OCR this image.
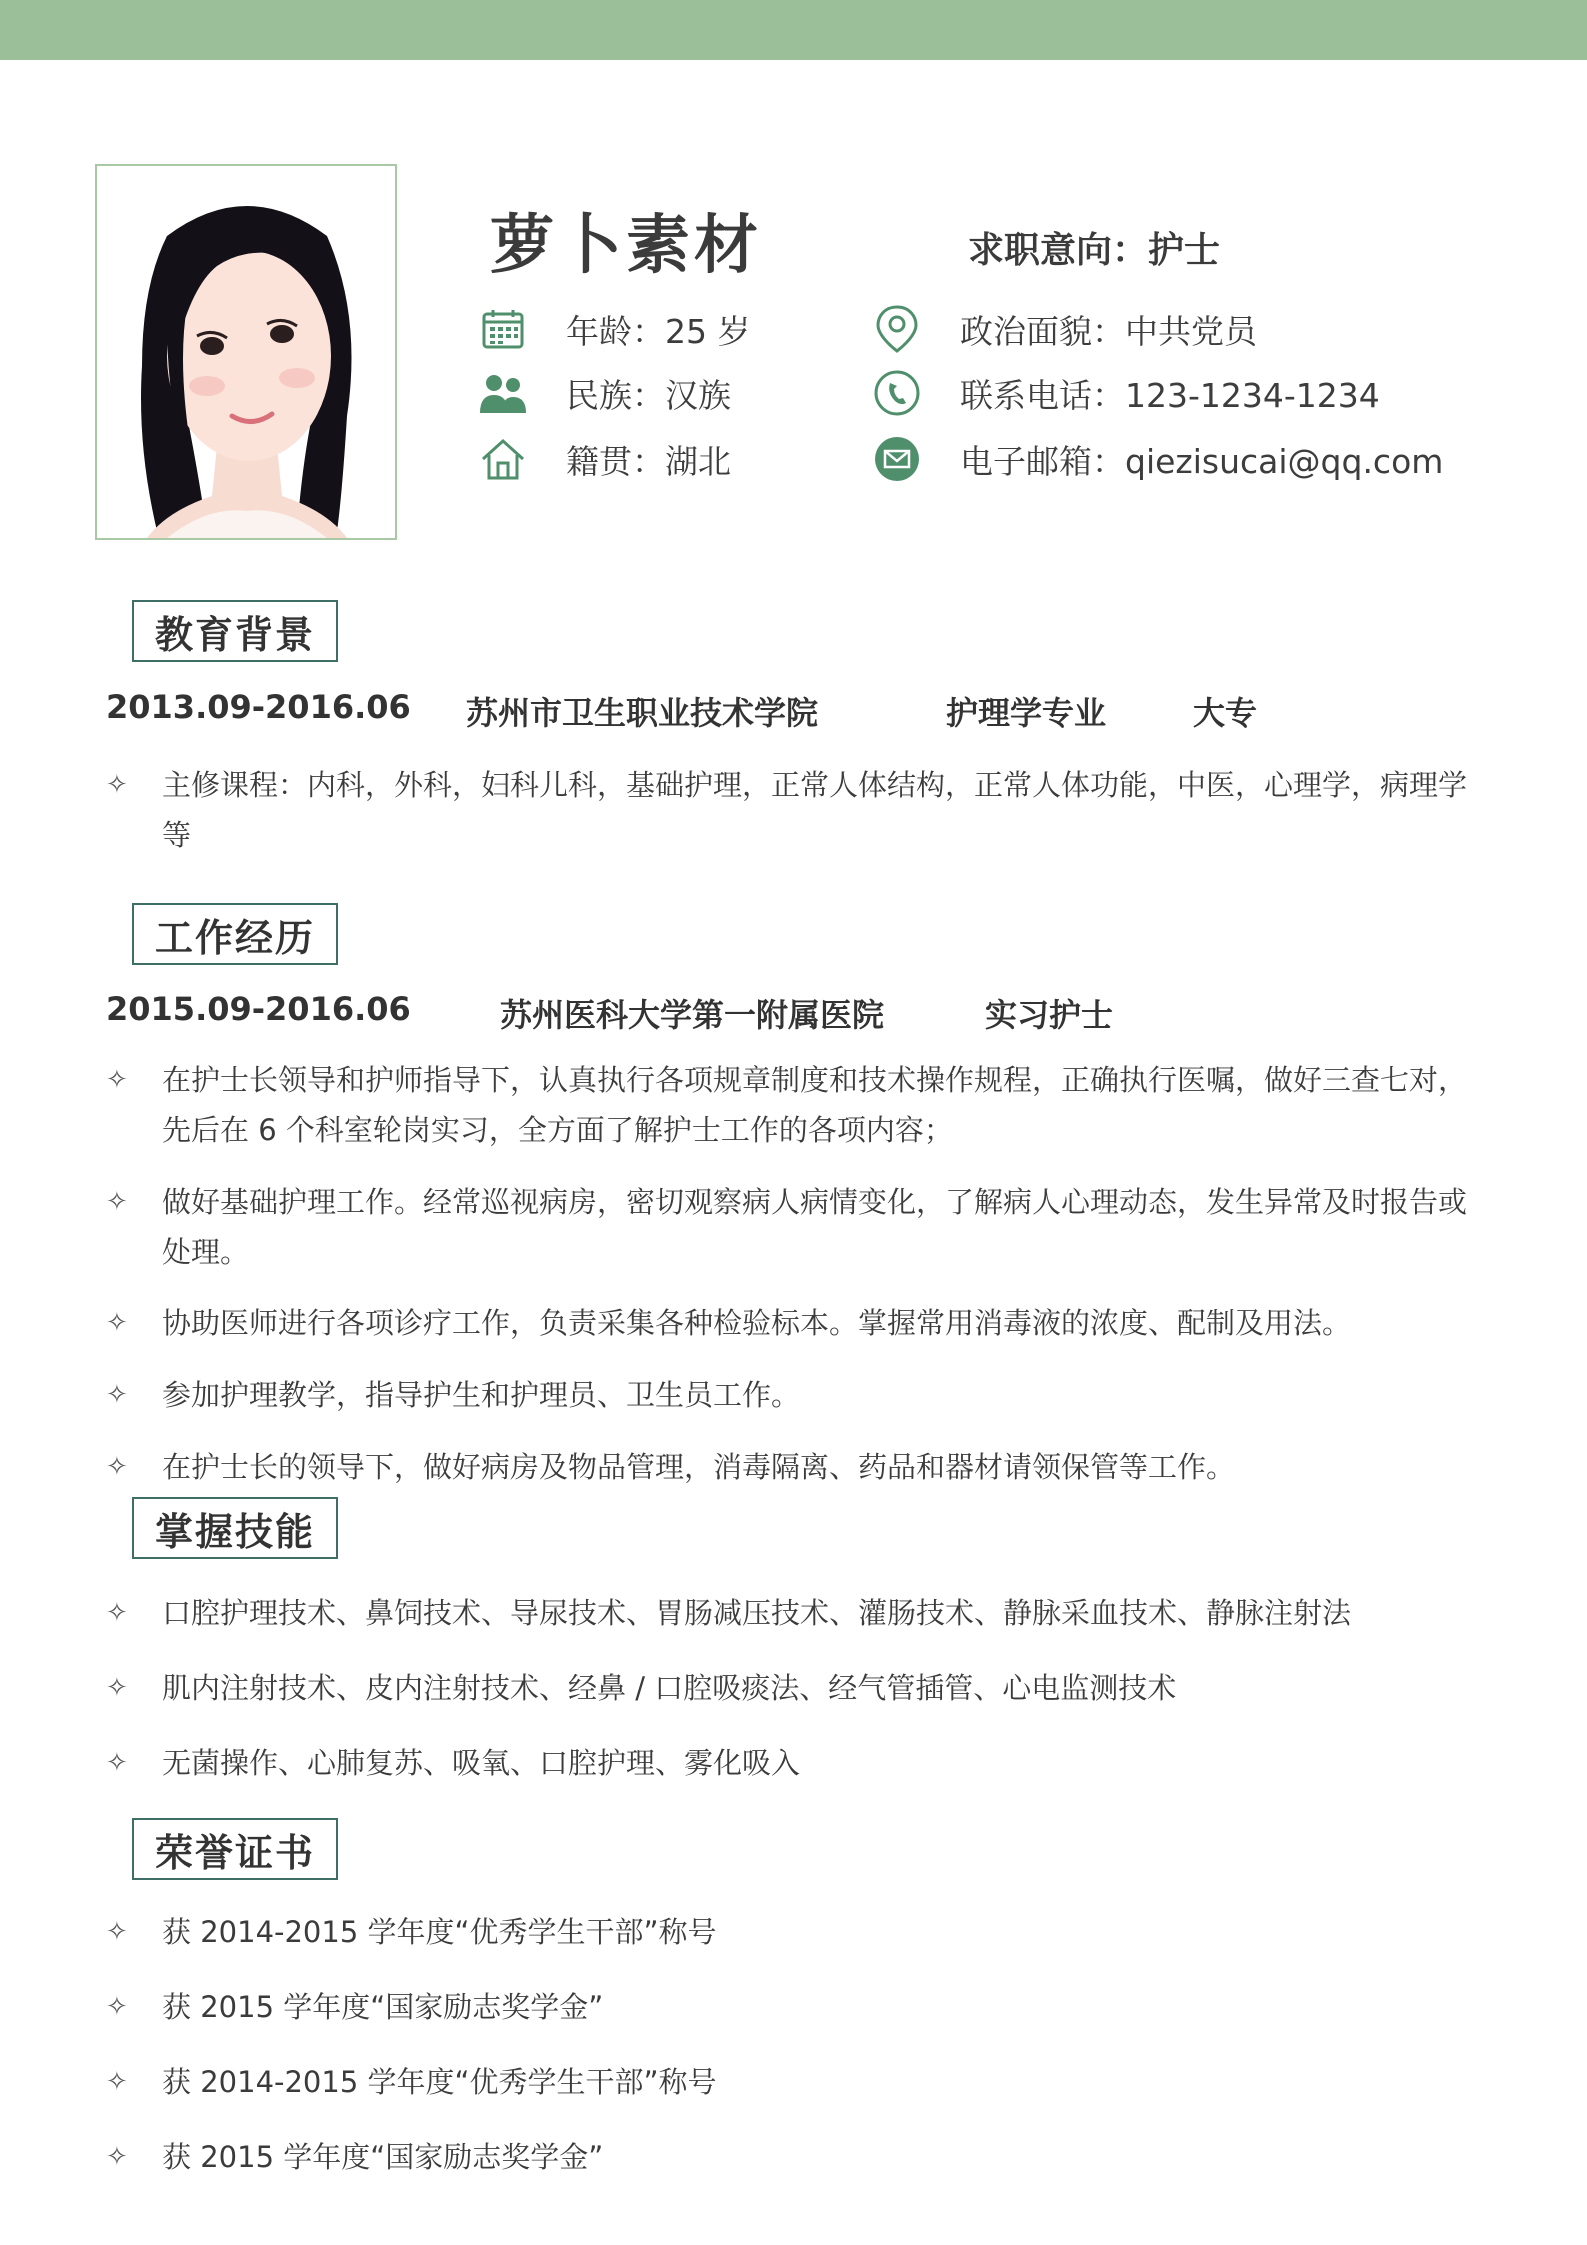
萝卜素材	求职意向：护士
年龄：25 岁
民族：汉族
籍贯：湖北
政治面貌：中共党员
联系电话：123-1234-1234
电子邮箱：qiezisucai@qq.com
教育背景
2013.09-2016.06 苏州市卫生职业技术学院	护理学专业	大专
✧	主修课程：内科，外科，妇科儿科，基础护理，正常人体结构，正常人体功能，中医，心理学，病理学等
工作经历
2015.09-2016.06	苏州医科大学第一附属医院	实习护士
✧	在护士长领导和护师指导下，认真执行各项规章制度和技术操作规程，正确执行医嘱，做好三查七对，先后在 6 个科室轮岗实习，全方面了解护士工作的各项内容；
✧	做好基础护理工作。经常巡视病房，密切观察病人病情变化，了解病人心理动态，发生异常及时报告或处理。
✧	协助医师进行各项诊疗工作，负责采集各种检验标本。掌握常用消毒液的浓度、配制及用法。
✧	参加护理教学，指导护生和护理员、卫生员工作。
✧	在护士长的领导下，做好病房及物品管理，消毒隔离、药品和器材请领保管等工作。
掌握技能
✧	口腔护理技术、鼻饲技术、导尿技术、胃肠减压技术、灌肠技术、静脉采血技术、静脉注射法
✧	肌内注射技术、皮内注射技术、经鼻 / 口腔吸痰法、经气管插管、心电监测技术
✧	无菌操作、心肺复苏、吸氧、口腔护理、雾化吸入
荣誉证书
✧	获 2014-2015 学年度“优秀学生干部”称号
✧	获 2015 学年度“国家励志奖学金”
✧	获 2014-2015 学年度“优秀学生干部”称号
✧	获 2015 学年度“国家励志奖学金”
